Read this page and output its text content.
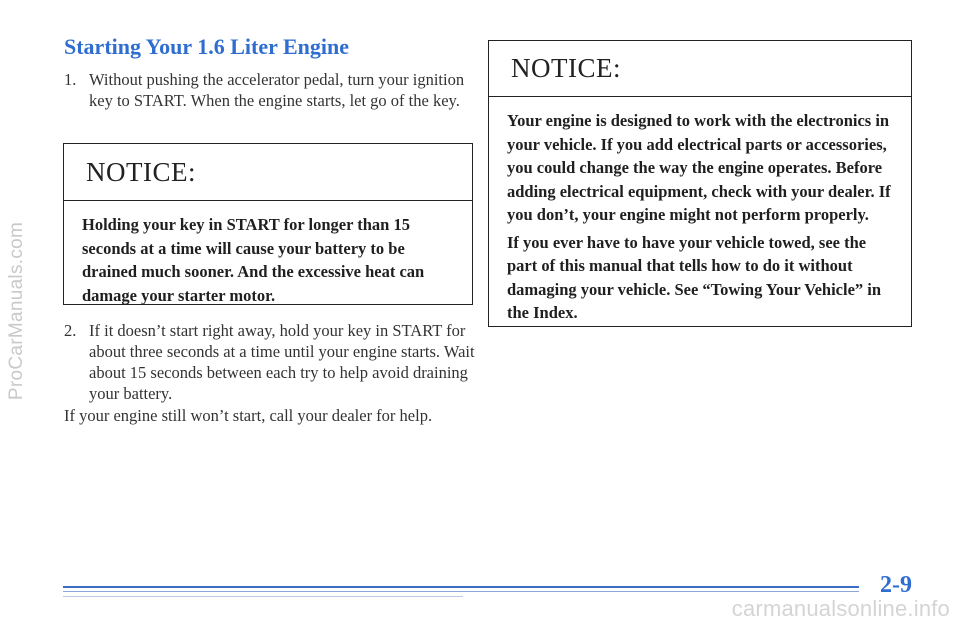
ProCarManuals.com
Starting Your 1.6 Liter Engine
1. Without pushing the accelerator pedal, turn your ignition key to START. When the engine starts, let go of the key.
NOTICE:

Holding your key in START for longer than 15 seconds at a time will cause your battery to be drained much sooner. And the excessive heat can damage your starter motor.

2. If it doesn’t start right away, hold your key in START for about three seconds at a time until your engine starts. Wait about 15 seconds between each try to help avoid draining your battery.
If your engine still won’t start, call your dealer for help.
NOTICE:

Your engine is designed to work with the electronics in your vehicle. If you add electrical parts or accessories, you could change the way the engine operates. Before adding electrical equipment, check with your dealer. If you don’t, your engine might not perform properly.

If you ever have to have your vehicle towed, see the part of this manual that tells how to do it without damaging your vehicle. See “Towing Your Vehicle” in the Index.

2-9
carmanualsonline.info
